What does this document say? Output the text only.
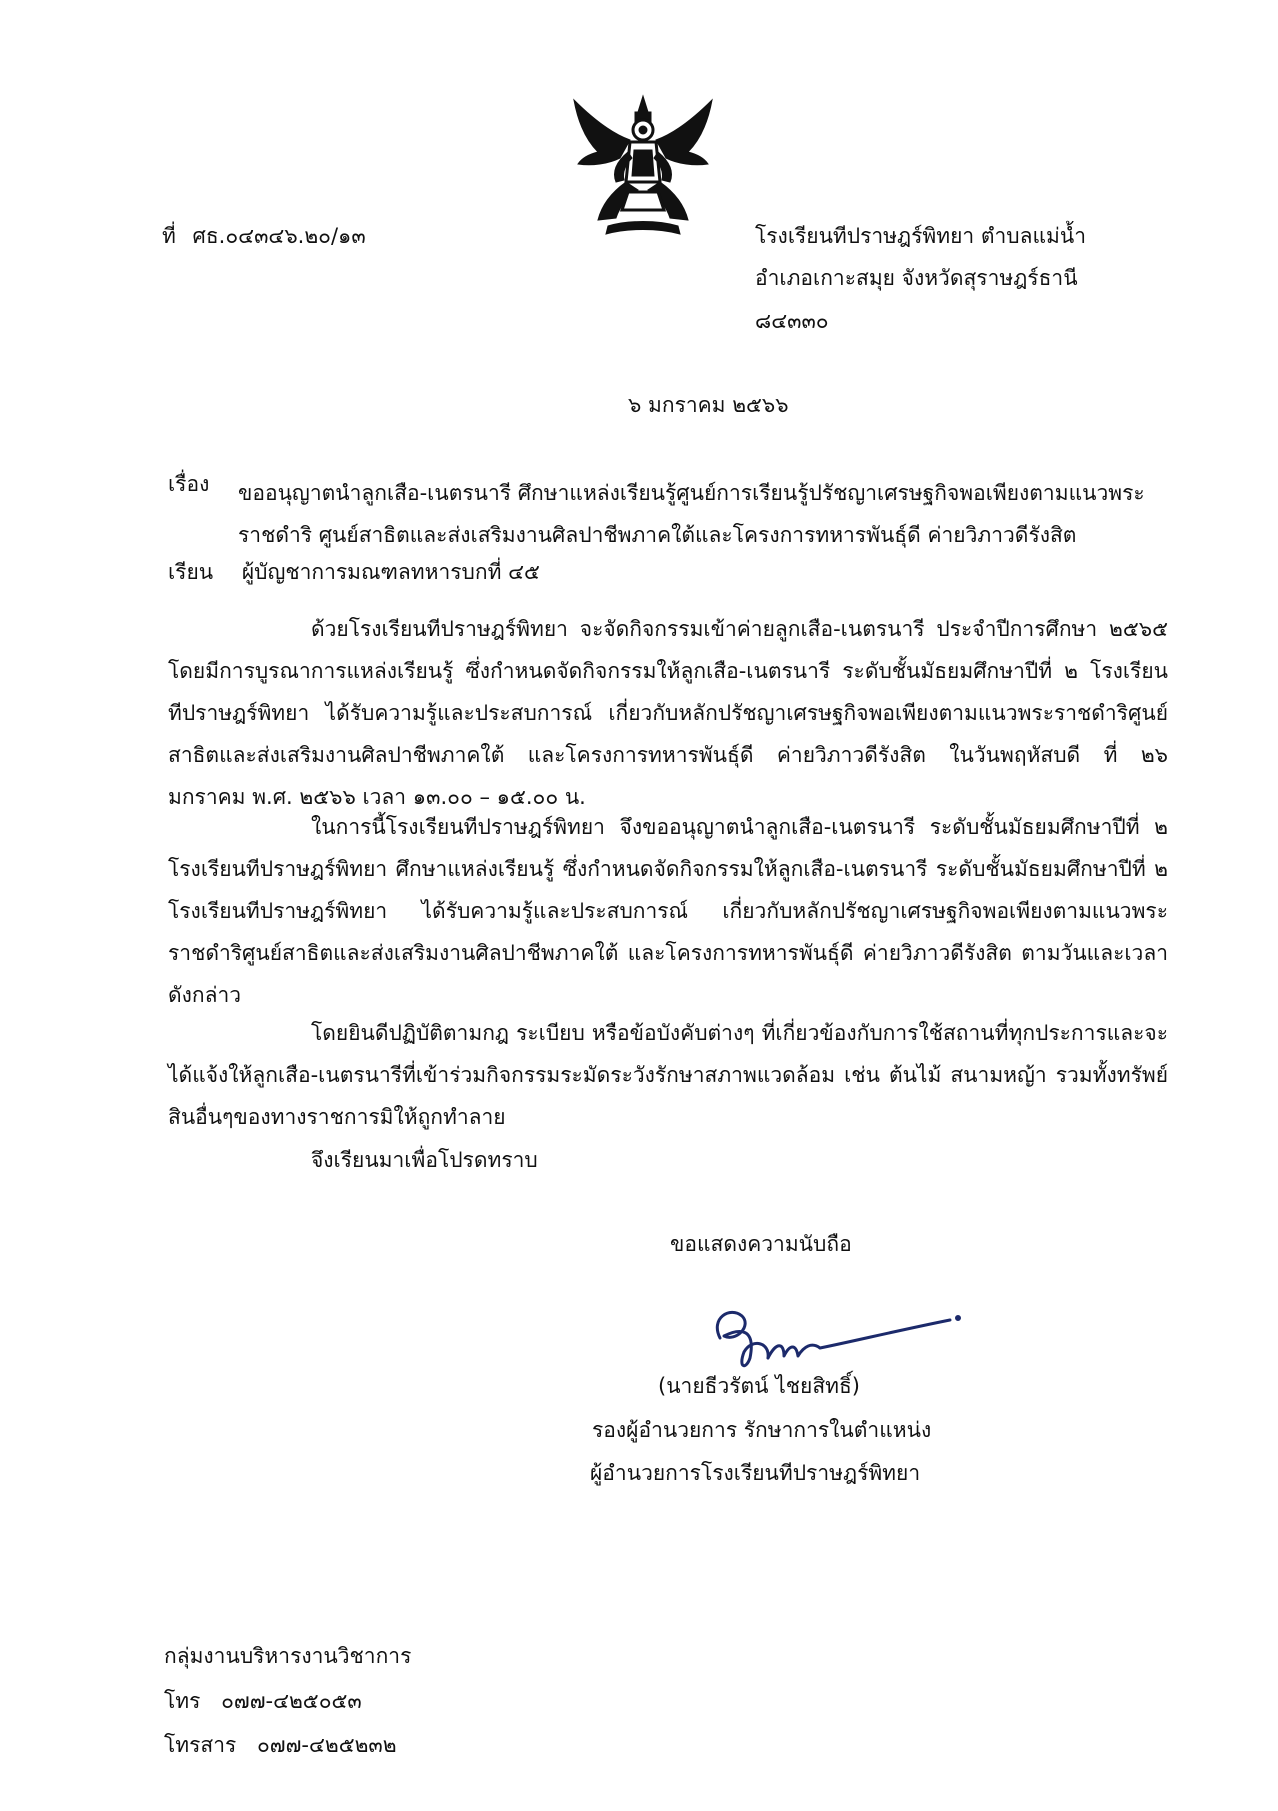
ที่ ศธ.๐๔๓๔๖.๒๐/๑๓	โรงเรียนทีปราษฎร์พิทยา ตำบลแม่น้ำ
อำเภอเกาะสมุย จังหวัดสุราษฎร์ธานี
๘๔๓๓๐
๖ มกราคม ๒๕๖๖
เรื่อง ขออนุญาตนำลูกเสือ-เนตรนารี ศึกษาแหล่งเรียนรู้ศูนย์การเรียนรู้ปรัชญาเศรษฐกิจพอเพียงตามแนวพระราชดำริ ศูนย์สาธิตและส่งเสริมงานศิลปาชีพภาคใต้และโครงการทหารพันธุ์ดี ค่ายวิภาวดีรังสิต
เรียน ผู้บัญชาการมณฑลทหารบกที่ ๔๕
ด้วยโรงเรียนทีปราษฎร์พิทยา จะจัดกิจกรรมเข้าค่ายลูกเสือ-เนตรนารี ประจำปีการศึกษา ๒๕๖๕ โดยมีการบูรณาการแหล่งเรียนรู้ ซึ่งกำหนดจัดกิจกรรมให้ลูกเสือ-เนตรนารี ระดับชั้นมัธยมศึกษาปีที่ ๒ โรงเรียนทีปราษฎร์พิทยา ได้รับความรู้และประสบการณ์ เกี่ยวกับหลักปรัชญาเศรษฐกิจพอเพียงตามแนวพระราชดำริศูนย์สาธิตและส่งเสริมงานศิลปาชีพภาคใต้ และโครงการทหารพันธุ์ดี ค่ายวิภาวดีรังสิต ในวันพฤหัสบดี ที่ ๒๖ มกราคม พ.ศ. ๒๕๖๖ เวลา ๑๓.๐๐ – ๑๕.๐๐ น.
ในการนี้โรงเรียนทีปราษฎร์พิทยา จึงขออนุญาตนำลูกเสือ-เนตรนารี ระดับชั้นมัธยมศึกษาปีที่ ๒ โรงเรียนทีปราษฎร์พิทยา ศึกษาแหล่งเรียนรู้ ซึ่งกำหนดจัดกิจกรรมให้ลูกเสือ-เนตรนารี ระดับชั้นมัธยมศึกษาปีที่ ๒ โรงเรียนทีปราษฎร์พิทยา ได้รับความรู้และประสบการณ์ เกี่ยวกับหลักปรัชญาเศรษฐกิจพอเพียงตามแนวพระราชดำริศูนย์สาธิตและส่งเสริมงานศิลปาชีพภาคใต้ และโครงการทหารพันธุ์ดี ค่ายวิภาวดีรังสิต ตามวันและเวลาดังกล่าว
โดยยินดีปฏิบัติตามกฎ ระเบียบ หรือข้อบังคับต่างๆ ที่เกี่ยวข้องกับการใช้สถานที่ทุกประการและจะได้แจ้งให้ลูกเสือ-เนตรนารีที่เข้าร่วมกิจกรรมระมัดระวังรักษาสภาพแวดล้อม เช่น ต้นไม้ สนามหญ้า รวมทั้งทรัพย์สินอื่นๆของทางราชการมิให้ถูกทำลาย
จึงเรียนมาเพื่อโปรดทราบ
ขอแสดงความนับถือ
(นายธีวรัตน์ ไชยสิทธิ์)
รองผู้อำนวยการ รักษาการในตำแหน่ง
ผู้อำนวยการโรงเรียนทีปราษฎร์พิทยา
กลุ่มงานบริหารงานวิชาการ
โทร ๐๗๗-๔๒๕๐๕๓
โทรสาร ๐๗๗-๔๒๕๒๓๒
